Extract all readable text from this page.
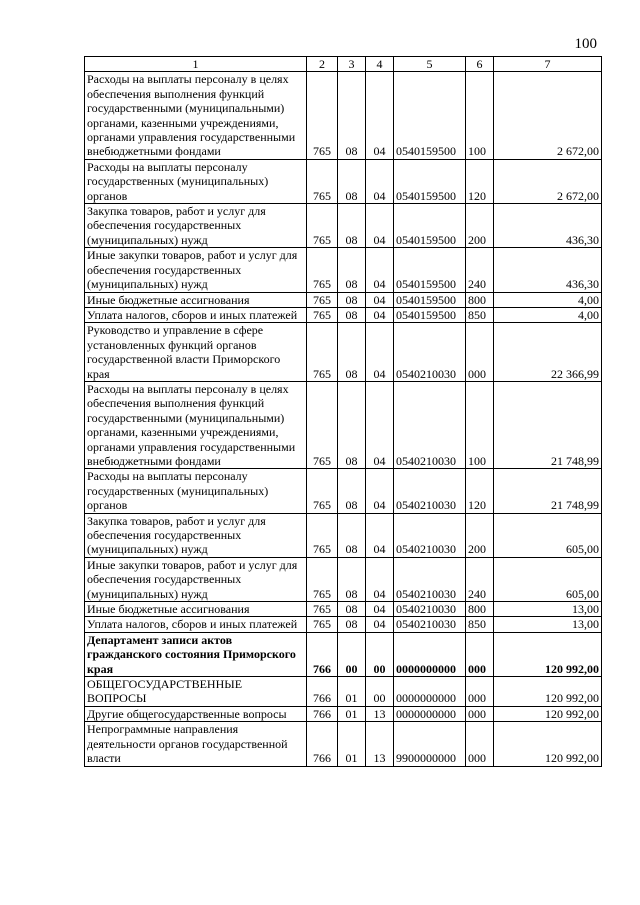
100
1	2	3	4	5	6	7
Расходы на выплаты персоналу в целях обеспечения выполнения функций государственными (муниципальными) органами, казенными учреждениями, органами управления государственными внебюджетными фондами	765	08	04	0540159500	100	2 672,00
Расходы на выплаты персоналу государственных (муниципальных) органов	765	08	04	0540159500	120	2 672,00
Закупка товаров, работ и услуг для обеспечения государственных (муниципальных) нужд	765	08	04	0540159500	200	436,30
Иные закупки товаров, работ и услуг для обеспечения государственных (муниципальных) нужд	765	08	04	0540159500	240	436,30
Иные бюджетные ассигнования	765	08	04	0540159500	800	4,00
Уплата налогов, сборов и иных платежей	765	08	04	0540159500	850	4,00
Руководство и управление в сфере установленных функций органов государственной власти Приморского края	765	08	04	0540210030	000	22 366,99
Расходы на выплаты персоналу в целях обеспечения выполнения функций государственными (муниципальными) органами, казенными учреждениями, органами управления государственными внебюджетными фондами	765	08	04	0540210030	100	21 748,99
Расходы на выплаты персоналу государственных (муниципальных) органов	765	08	04	0540210030	120	21 748,99
Закупка товаров, работ и услуг для обеспечения государственных (муниципальных) нужд	765	08	04	0540210030	200	605,00
Иные закупки товаров, работ и услуг для обеспечения государственных (муниципальных) нужд	765	08	04	0540210030	240	605,00
Иные бюджетные ассигнования	765	08	04	0540210030	800	13,00
Уплата налогов, сборов и иных платежей	765	08	04	0540210030	850	13,00
Департамент записи актов гражданского состояния Приморского края	766	00	00	0000000000	000	120 992,00
ОБЩЕГОСУДАРСТВЕННЫЕ ВОПРОСЫ	766	01	00	0000000000	000	120 992,00
Другие общегосударственные вопросы	766	01	13	0000000000	000	120 992,00
Непрограммные направления деятельности органов государственной власти	766	01	13	9900000000	000	120 992,00
